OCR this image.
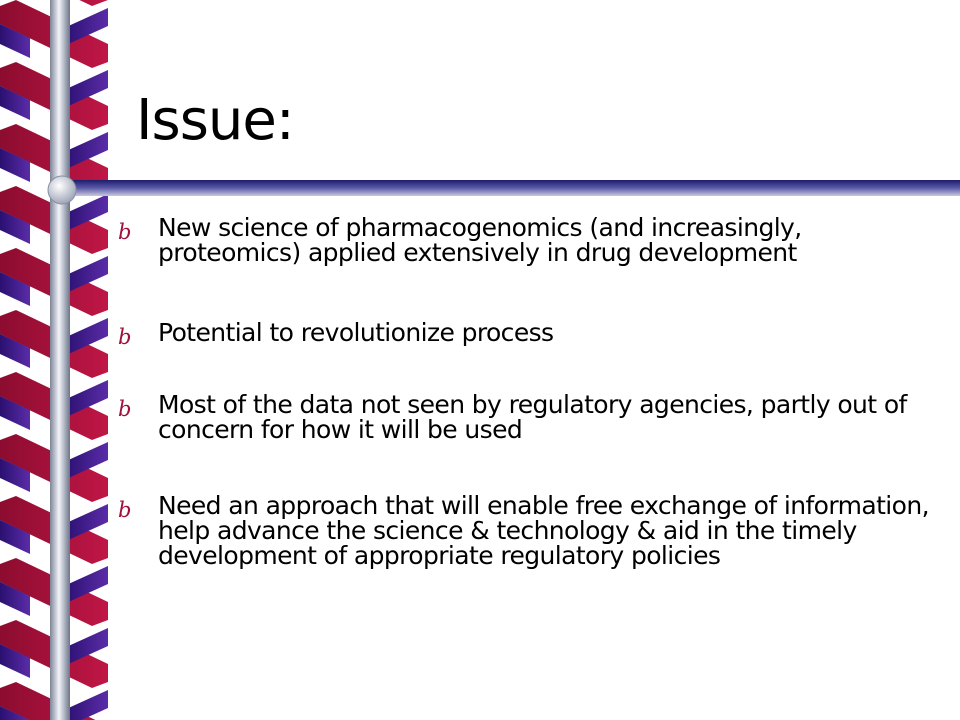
Issue:
b New science of pharmacogenomics (and increasingly, proteomics) applied extensively in drug development
b Potential to revolutionize process
b Most of the data not seen by regulatory agencies, partly out of concern for how it will be used
b Need an approach that will enable free exchange of information, help advance the science & technology & aid in the timely development of appropriate regulatory policies
